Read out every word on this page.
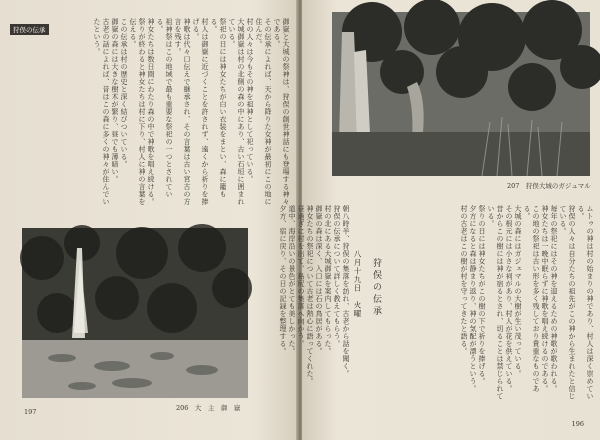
狩俣の伝承	御嶽と大城の祭神は、狩俣の創世神話にも登場する神々である。
その伝承によれば、天から降りた女神が最初にこの地に住んだ。
村の人々は今もその神を祖神として祀っている。
大城御嶽は村の北側の森の中にあり、古い石垣に囲まれている。
祭祀の日には神女たちが白い衣装をまとい、森に籠もる。
村人は御嶽に近づくことを許されず、遠くから祈りを捧げる。
神歌は代々口伝えで継承され、その言葉は古い宮古の方言を残す。
祖神祭はこの地域で最も重要な祭祀の一つとされている。
神女たちは数日間にわたり森の中で神歌を唱え続ける。
祭りが終わると神女たちは村に下り、村人に神の言葉を伝える。
この伝承は村の歴史と深く結びついている。
御嶽の森には大きな樹木が繁り、昼でも薄暗い。
古老の話によれば、昔はこの森に多くの神々が住んでいたという。
206　大　主　御　嶽
197
207　狩俣大城のガジュマル
ムトゥの神は村の始まりの神であり、村人は深く崇めている。
狩俣の人々は自分たちの祖先がこの神から生まれたと信じている。
毎年の祭祀にはその神を迎えるための神歌が歌われる。
神女たちは一晩中眠らずに神歌を唱え続けるのである。
この地の祭祀は古い形を多く残しており貴重なものである。
大城の森にはガジュマルの大樹が生い茂っている。
その根元には小さな祠があり、村人が花を供えている。
昔からこの樹には神が宿るとされ、切ることは禁じられている。
祭りの日には神女たちがこの樹の下で祈りを捧げる。
夕方になると森は静まり返り、神の気配が漂うという。
村の古老はこの樹が村を守ってきたと語る。
狩俣の伝承
八月十九日　火曜
朝八時半、狩俣の集落を訪れ、古老から話を聞く。
狩俣の伝承について詳しく教えてもらう。
村の北にある大城御嶽を案内してもらった。
御嶽の森は深く、入口には石の鳥居がある。
神女たちの祭祀について古老は熱心に語ってくれた。
昼過ぎに村を出て、島尻の集落へ向かう。
道中、海岸沿いの景色がとても美しかった。
夕方、宿に戻り、その日の記録を整理する。
196
